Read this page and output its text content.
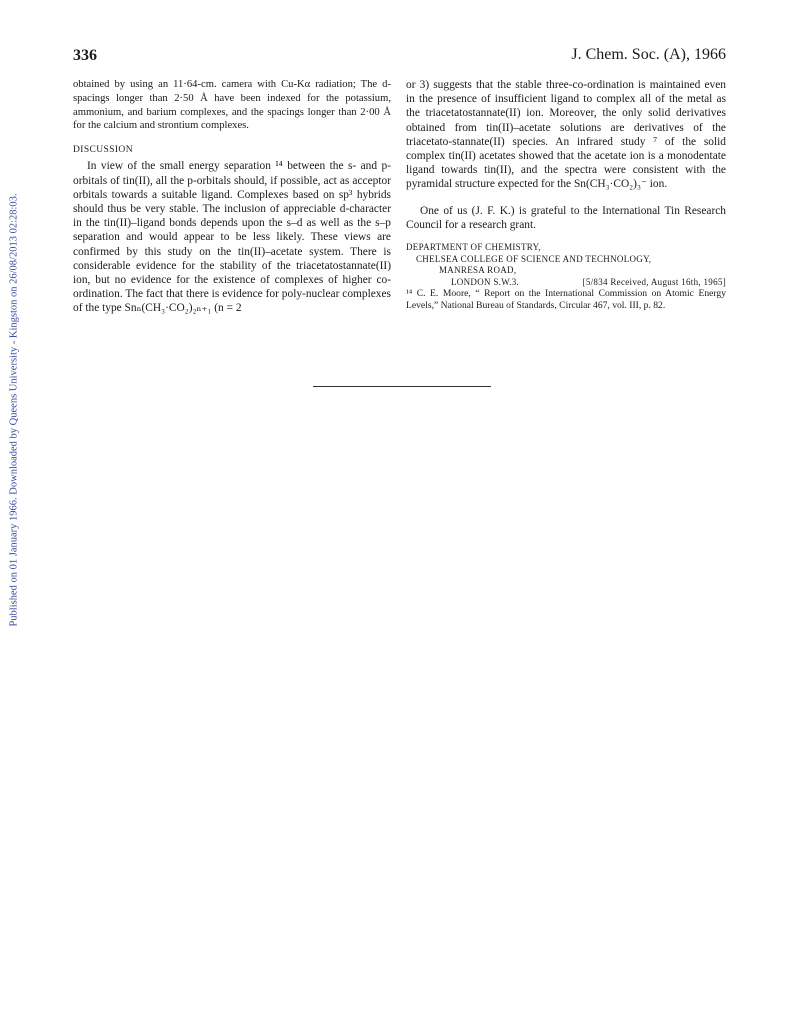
Published on 01 January 1966. Downloaded by Queens University - Kingston on 26/08/2013 02:28:03.
336	J. Chem. Soc. (A), 1966

obtained by using an 11·64-cm. camera with Cu-Kα radiation; The d-spacings longer than 2·50 Å have been indexed for the potassium, ammonium, and barium complexes, and the spacings longer than 2·00 Å for the calcium and strontium complexes.

DISCUSSION

In view of the small energy separation ¹⁴ between the s- and p-orbitals of tin(II), all the p-orbitals should, if possible, act as acceptor orbitals towards a suitable ligand. Complexes based on sp³ hybrids should thus be very stable. The inclusion of appreciable d-character in the tin(II)–ligand bonds depends upon the s–d as well as the s–p separation and would appear to be less likely. These views are confirmed by this study on the tin(II)–acetate system. There is considerable evidence for the stability of the triacetatostannate(II) ion, but no evidence for the existence of complexes of higher co-ordination. The fact that there is evidence for poly-nuclear complexes of the type Snₙ(CH₃·CO₂)₂ₙ₊₁ (n = 2

or 3) suggests that the stable three-co-ordination is maintained even in the presence of insufficient ligand to complex all of the metal as the triacetatostannate(II) ion. Moreover, the only solid derivatives obtained from tin(II)–acetate solutions are derivatives of the triacetato-stannate(II) species. An infrared study ⁷ of the solid complex tin(II) acetates showed that the acetate ion is a monodentate ligand towards tin(II), and the spectra were consistent with the pyramidal structure expected for the Sn(CH₃·CO₂)₃⁻ ion.

One of us (J. F. K.) is grateful to the International Tin Research Council for a research grant.

DEPARTMENT OF CHEMISTRY,
CHELSEA COLLEGE OF SCIENCE AND TECHNOLOGY,
MANRESA ROAD,
LONDON S.W.3.	[5/834 Received, August 16th, 1965]

¹⁴ C. E. Moore, “ Report on the International Commission on Atomic Energy Levels,” National Bureau of Standards, Circular 467, vol. III, p. 82.
